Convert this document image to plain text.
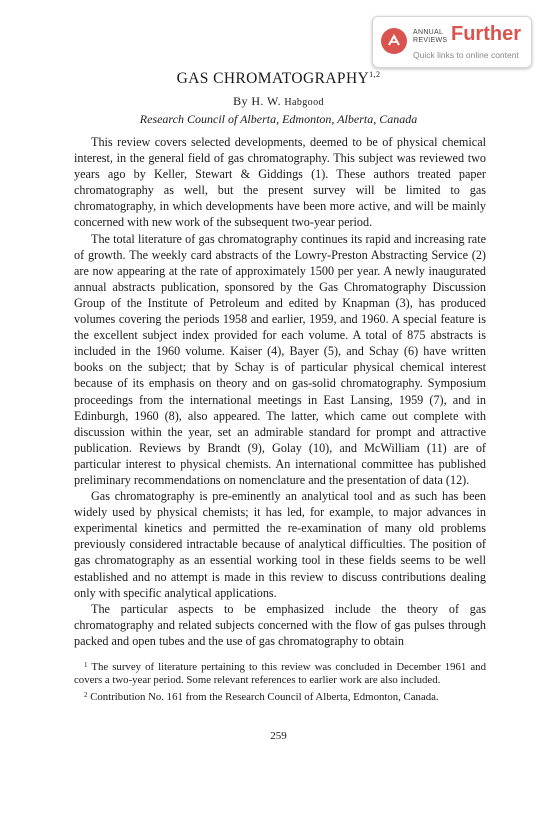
ANNUAL
REVIEWS Further
Quick links to online content
GAS CHROMATOGRAPHY$^{1,2}$
By H. W. Habgood
Research Council of Alberta, Edmonton, Alberta, Canada

This review covers selected developments, deemed to be of physical chemical interest, in the general field of gas chromatography. This subject was reviewed two years ago by Keller, Stewart & Giddings (1). These authors treated paper chromatography as well, but the present survey will be limited to gas chromatography, in which developments have been more active, and will be mainly concerned with new work of the subsequent two-year period.

The total literature of gas chromatography continues its rapid and increasing rate of growth. The weekly card abstracts of the Lowry-Preston Abstracting Service (2) are now appearing at the rate of approximately 1500 per year. A newly inaugurated annual abstracts publication, sponsored by the Gas Chromatography Discussion Group of the Institute of Petroleum and edited by Knapman (3), has produced volumes covering the periods 1958 and earlier, 1959, and 1960. A special feature is the excellent subject index provided for each volume. A total of 875 abstracts is included in the 1960 volume. Kaiser (4), Bayer (5), and Schay (6) have written books on the subject; that by Schay is of particular physical chemical interest because of its emphasis on theory and on gas-solid chromatography. Symposium proceedings from the international meetings in East Lansing, 1959 (7), and in Edinburgh, 1960 (8), also appeared. The latter, which came out complete with discussion within the year, set an admirable standard for prompt and attractive publication. Reviews by Brandt (9), Golay (10), and McWilliam (11) are of particular interest to physical chemists. An international committee has published preliminary recommendations on nomenclature and the presentation of data (12).

Gas chromatography is pre-eminently an analytical tool and as such has been widely used by physical chemists; it has led, for example, to major advances in experimental kinetics and permitted the re-examination of many old problems previously considered intractable because of analytical difficulties. The position of gas chromatography as an essential working tool in these fields seems to be well established and no attempt is made in this review to discuss contributions dealing only with specific analytical applications.

The particular aspects to be emphasized include the theory of gas chromatography and related subjects concerned with the flow of gas pulses through packed and open tubes and the use of gas chromatography to obtain

$^1$ The survey of literature pertaining to this review was concluded in December 1961 and covers a two-year period. Some relevant references to earlier work are also included.

$^2$ Contribution No. 161 from the Research Council of Alberta, Edmonton, Canada.

259
